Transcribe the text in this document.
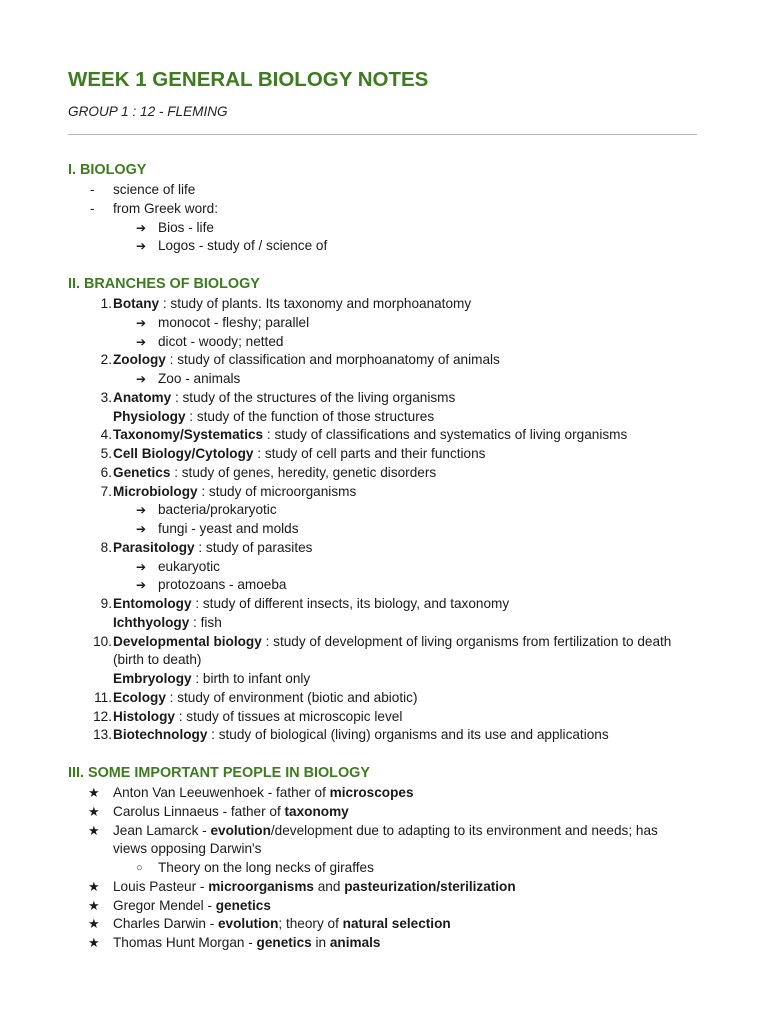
WEEK 1 GENERAL BIOLOGY NOTES

GROUP 1 : 12 - FLEMING

I. BIOLOGY
- science of life
- from Greek word:
➔ Bios - life
➔ Logos - study of / science of
II. BRANCHES OF BIOLOGY
1. Botany : study of plants. Its taxonomy and morphoanatomy
➔ monocot - fleshy; parallel
➔ dicot - woody; netted
2. Zoology : study of classification and morphoanatomy of animals
➔ Zoo - animals
3. Anatomy : study of the structures of the living organisms
Physiology : study of the function of those structures
4. Taxonomy/Systematics : study of classifications and systematics of living organisms
5. Cell Biology/Cytology : study of cell parts and their functions
6. Genetics : study of genes, heredity, genetic disorders
7. Microbiology : study of microorganisms
➔ bacteria/prokaryotic
➔ fungi - yeast and molds
8. Parasitology : study of parasites
➔ eukaryotic
➔ protozoans - amoeba
9. Entomology : study of different insects, its biology, and taxonomy
Ichthyology : fish
10. Developmental biology : study of development of living organisms from fertilization to death
(birth to death)
Embryology : birth to infant only
11. Ecology : study of environment (biotic and abiotic)
12. Histology : study of tissues at microscopic level
13. Biotechnology : study of biological (living) organisms and its use and applications
III. SOME IMPORTANT PEOPLE IN BIOLOGY
★ Anton Van Leeuwenhoek - father of microscopes
★ Carolus Linnaeus - father of taxonomy
★ Jean Lamarck - evolution/development due to adapting to its environment and needs; has
views opposing Darwin's
○ Theory on the long necks of giraffes
★ Louis Pasteur - microorganisms and pasteurization/sterilization
★ Gregor Mendel - genetics
★ Charles Darwin - evolution; theory of natural selection
★ Thomas Hunt Morgan - genetics in animals
